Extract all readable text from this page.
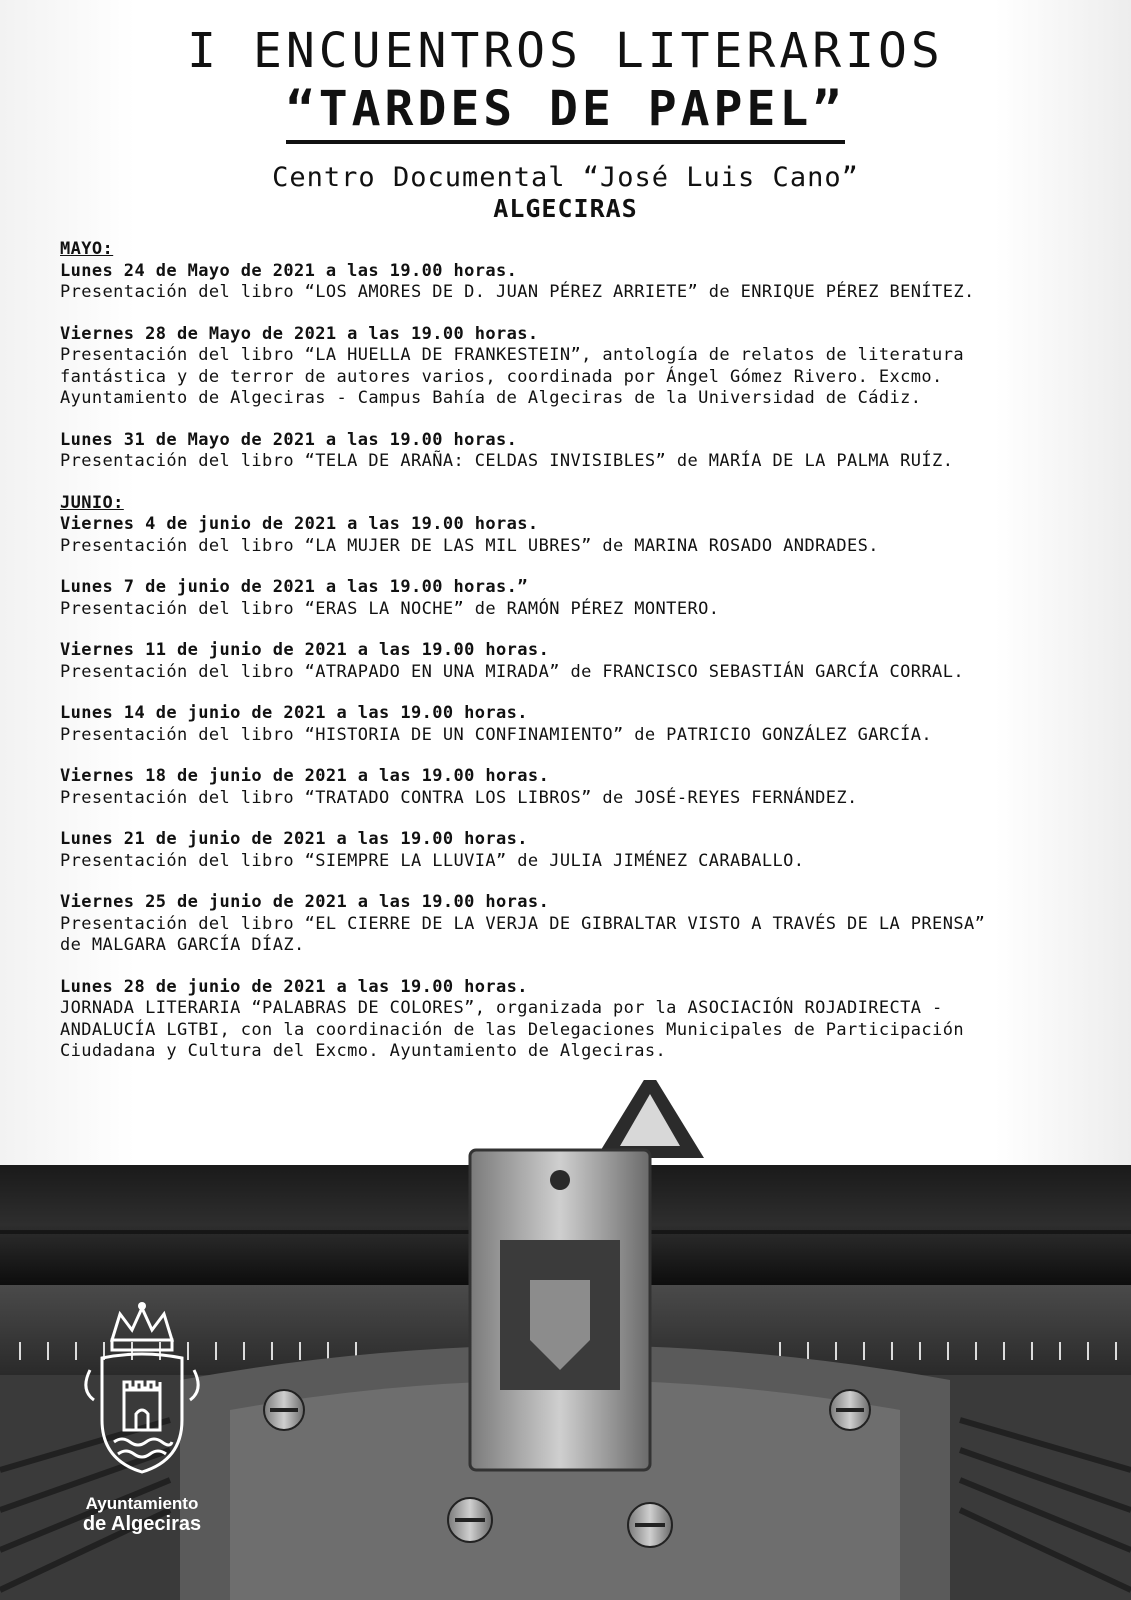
I ENCUENTROS LITERARIOS
“TARDES DE PAPEL”
Centro Documental “José Luis Cano”
ALGECIRAS
MAYO:
Lunes 24 de Mayo de 2021 a las 19.00 horas.
Presentación del libro “LOS AMORES DE D. JUAN PÉREZ ARRIETE” de ENRIQUE PÉREZ BENÍTEZ.
Viernes 28 de Mayo de 2021 a las 19.00 horas.
Presentación del libro “LA HUELLA DE FRANKESTEIN”, antología de relatos de literatura
fantástica y de terror de autores varios, coordinada por Ángel Gómez Rivero. Excmo.
Ayuntamiento de Algeciras - Campus Bahía de Algeciras de la Universidad de Cádiz.
Lunes 31 de Mayo de 2021 a las 19.00 horas.
Presentación del libro “TELA DE ARAÑA: CELDAS INVISIBLES” de MARÍA DE LA PALMA RUÍZ.
JUNIO:
Viernes 4 de junio de 2021 a las 19.00 horas.
Presentación del libro “LA MUJER DE LAS MIL UBRES” de MARINA ROSADO ANDRADES.
Lunes 7 de junio de 2021 a las 19.00 horas.”
Presentación del libro “ERAS LA NOCHE” de RAMÓN PÉREZ MONTERO.
Viernes 11 de junio de 2021 a las 19.00 horas.
Presentación del libro “ATRAPADO EN UNA MIRADA” de FRANCISCO SEBASTIÁN GARCÍA CORRAL.
Lunes 14 de junio de 2021 a las 19.00 horas.
Presentación del libro “HISTORIA DE UN CONFINAMIENTO” de PATRICIO GONZÁLEZ GARCÍA.
Viernes 18 de junio de 2021 a las 19.00 horas.
Presentación del libro “TRATADO CONTRA LOS LIBROS” de JOSÉ-REYES FERNÁNDEZ.
Lunes 21 de junio de 2021 a las 19.00 horas.
Presentación del libro “SIEMPRE LA LLUVIA” de JULIA JIMÉNEZ CARABALLO.
Viernes 25 de junio de 2021 a las 19.00 horas.
Presentación del libro “EL CIERRE DE LA VERJA DE GIBRALTAR VISTO A TRAVÉS DE LA PRENSA”
de MALGARA GARCÍA DÍAZ.
Lunes 28 de junio de 2021 a las 19.00 horas.
JORNADA LITERARIA “PALABRAS DE COLORES”, organizada por la ASOCIACIÓN ROJADIRECTA -
ANDALUCÍA LGTBI, con la coordinación de las Delegaciones Municipales de Participación
Ciudadana y Cultura del Excmo. Ayuntamiento de Algeciras.
Ayuntamiento
de Algeciras
